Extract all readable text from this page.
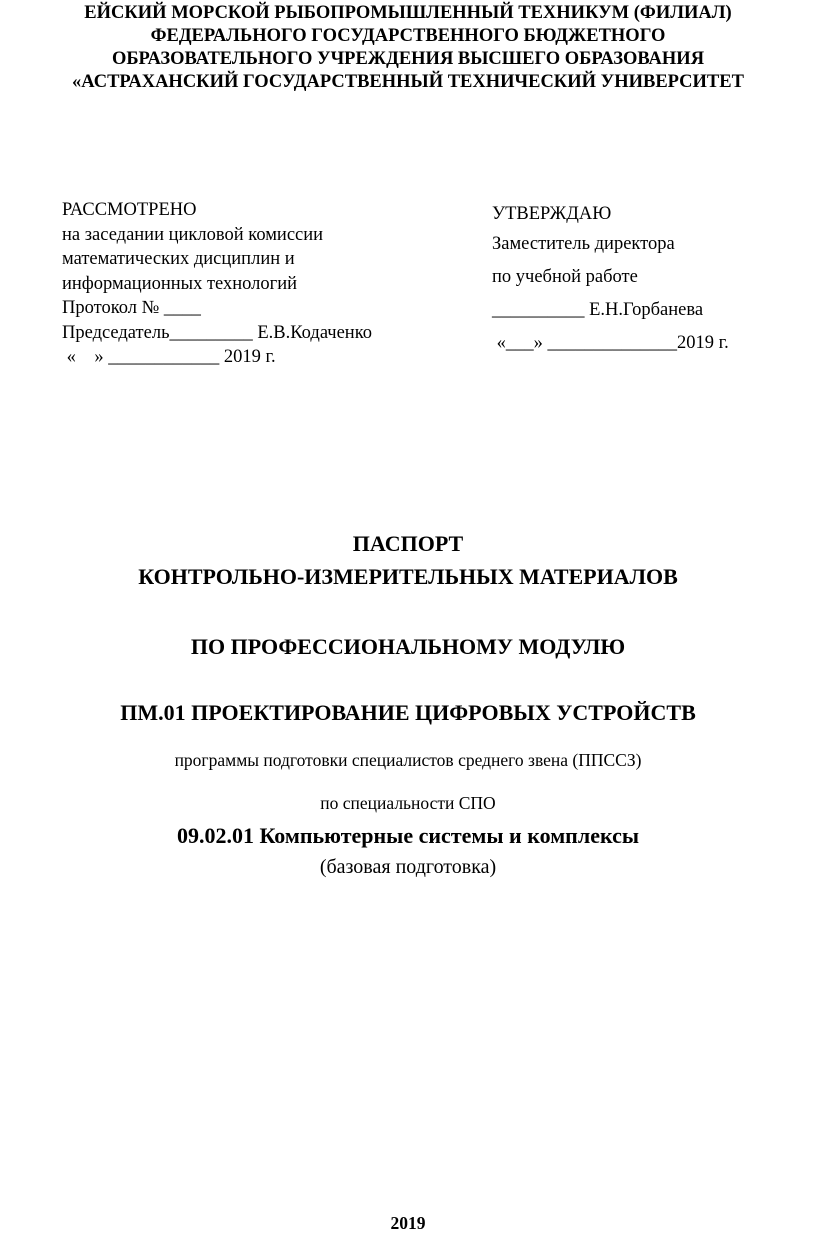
ЕЙСКИЙ МОРСКОЙ РЫБОПРОМЫШЛЕННЫЙ ТЕХНИКУМ (ФИЛИАЛ)
ФЕДЕРАЛЬНОГО ГОСУДАРСТВЕННОГО БЮДЖЕТНОГО
ОБРАЗОВАТЕЛЬНОГО УЧРЕЖДЕНИЯ ВЫСШЕГО ОБРАЗОВАНИЯ
«АСТРАХАНСКИЙ ГОСУДАРСТВЕННЫЙ ТЕХНИЧЕСКИЙ УНИВЕРСИТЕТ
РАССМОТРЕНО
на заседании цикловой комиссии
математических дисциплин и
информационных технологий
Протокол № ____
Председатель_________ Е.В.Кодаченко
«    » ____________ 2019 г.
УТВЕРЖДАЮ
Заместитель директора
по учебной работе
__________ Е.Н.Горбанева
«___» ______________2019 г.
ПАСПОРТ
КОНТРОЛЬНО-ИЗМЕРИТЕЛЬНЫХ МАТЕРИАЛОВ
ПО ПРОФЕССИОНАЛЬНОМУ МОДУЛЮ
ПМ.01 ПРОЕКТИРОВАНИЕ ЦИФРОВЫХ УСТРОЙСТВ
программы подготовки специалистов среднего звена (ППССЗ)
по специальности СПО
09.02.01 Компьютерные системы и комплексы
(базовая подготовка)
2019
